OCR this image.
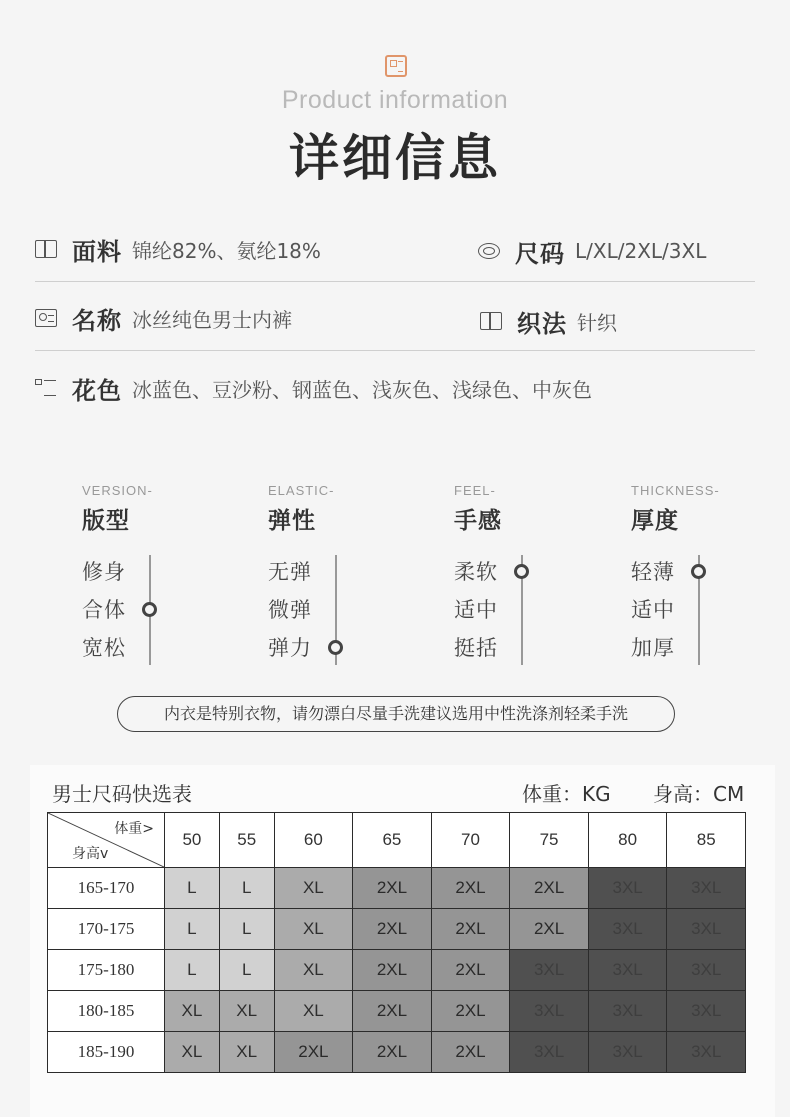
Product information
详细信息
面料 锦纶82%、氨纶18%	尺码 L/XL/2XL/3XL
名称 冰丝纯色男士内裤	织法 针织
花色 冰蓝色、豆沙粉、钢蓝色、浅灰色、浅绿色、中灰色
VERSION-
版型
修身
合体
宽松
ELASTIC-
弹性
无弹
微弹
弹力
FEEL-
手感
柔软
适中
挺括
THICKNESS-
厚度
轻薄
适中
加厚
内衣是特别衣物，请勿漂白尽量手洗建议选用中性洗涤剂轻柔手洗
男士尺码快选表	体重：KG 身高：CM
体重>
身高v	50	55	60	65	70	75	80	85
165-170	L	L	XL	2XL	2XL	2XL	3XL	3XL
170-175	L	L	XL	2XL	2XL	2XL	3XL	3XL
175-180	L	L	XL	2XL	2XL	3XL	3XL	3XL
180-185	XL	XL	XL	2XL	2XL	3XL	3XL	3XL
185-190	XL	XL	2XL	2XL	2XL	3XL	3XL	3XL
